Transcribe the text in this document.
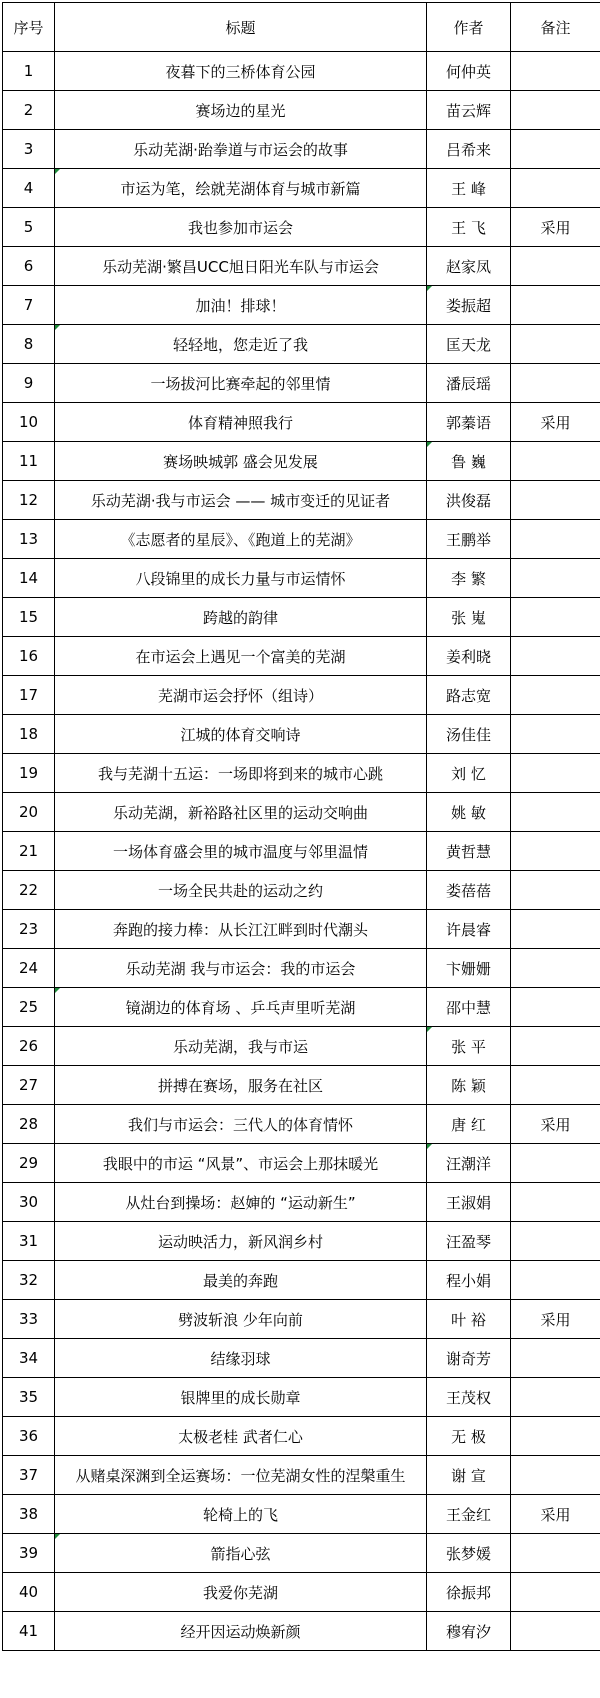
序号	标题	作者	备注
1	夜暮下的三桥体育公园	何仲英	
2	赛场边的星光	苗云辉	
3	乐动芜湖·跆拳道与市运会的故事	吕希来	
4	市运为笔，绘就芜湖体育与城市新篇	王 峰	
5	我也参加市运会	王 飞	采用
6	乐动芜湖·繁昌UCC旭日阳光车队与市运会	赵家凤	
7	加油！排球！	娄振超

8	轻轻地，您走近了我	匡天龙	
9	一场拔河比赛牵起的邻里情	潘辰瑶	
10	体育精神照我行	郭蓁语	采用
11	赛场映城郭 盛会见发展	鲁 巍

12	乐动芜湖·我与市运会 —— 城市变迁的见证者	洪俊磊	
13	《志愿者的星辰》、《跑道上的芜湖》	王鹏举	
14	八段锦里的成长力量与市运情怀	李 繁	
15	跨越的韵律	张 嵬	
16	在市运会上遇见一个富美的芜湖	姜利晓	
17	芜湖市运会抒怀（组诗）	路志宽	
18	江城的体育交响诗	汤佳佳	
19	我与芜湖十五运：一场即将到来的城市心跳	刘 忆	
20	乐动芜湖，新裕路社区里的运动交响曲	姚 敏	
21	一场体育盛会里的城市温度与邻里温情	黄哲慧	
22	一场全民共赴的运动之约	娄蓓蓓	
23	奔跑的接力棒：从长江江畔到时代潮头	许晨睿	
24	乐动芜湖 我与市运会：我的市运会	卞姗姗	
25	镜湖边的体育场 、乒乓声里听芜湖	邵中慧	
26	乐动芜湖，我与市运	张 平

27	拼搏在赛场，服务在社区	陈 颖	
28	我们与市运会：三代人的体育情怀	唐 红	采用
29	我眼中的市运 “风景”、市运会上那抹暖光	汪潮洋

30	从灶台到操场：赵婶的 “运动新生”	王淑娟	
31	运动映活力，新风润乡村	汪盈琴	
32	最美的奔跑	程小娟	
33	劈波斩浪 少年向前	叶 裕	采用
34	结缘羽球	谢奇芳	
35	银牌里的成长勋章	王茂权	
36	太极老桂 武者仁心	无 极	
37	从赌桌深渊到全运赛场：一位芜湖女性的涅槃重生	谢 宣	
38	轮椅上的飞	王金红	采用
39	箭指心弦	张梦媛	
40	我爱你芜湖	徐振邦	
41	经开因运动焕新颜	穆宥汐	
